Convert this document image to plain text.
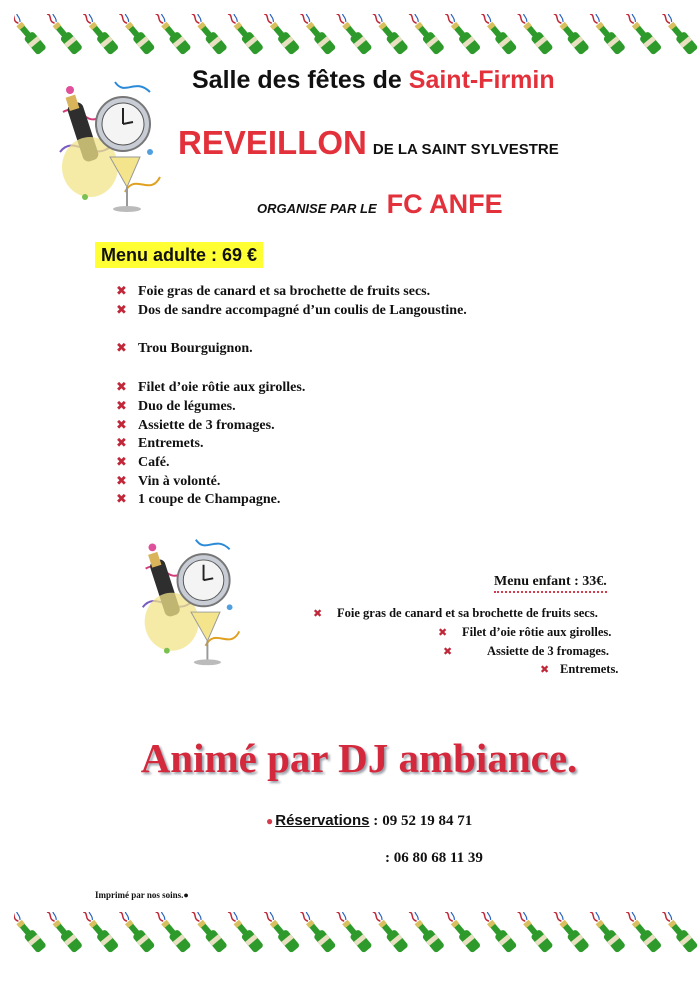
Salle des fêtes de Saint-Firmin
REVEILLON DE LA SAINT SYLVESTRE
ORGANISE PAR LE FC ANFE
Menu adulte : 69 €
✖ Foie gras de canard et sa brochette de fruits secs.
✖ Dos de sandre accompagné d’un coulis de Langoustine.
✖ Trou Bourguignon.
✖ Filet d’oie rôtie aux girolles.
✖ Duo de légumes.
✖ Assiette de 3 fromages.
✖ Entremets.
✖ Café.
✖ Vin à volonté.
✖ 1 coupe de Champagne.
Menu enfant : 33€.
✖ Foie gras de canard et sa brochette de fruits secs.
✖ Filet d’oie rôtie aux girolles.
✖	Assiette de 3 fromages.
✖ Entremets.
Animé par DJ ambiance.
● Réservations : 09 52 19 84 71
: 06 80 68 11 39
Imprimé par nos soins.●
